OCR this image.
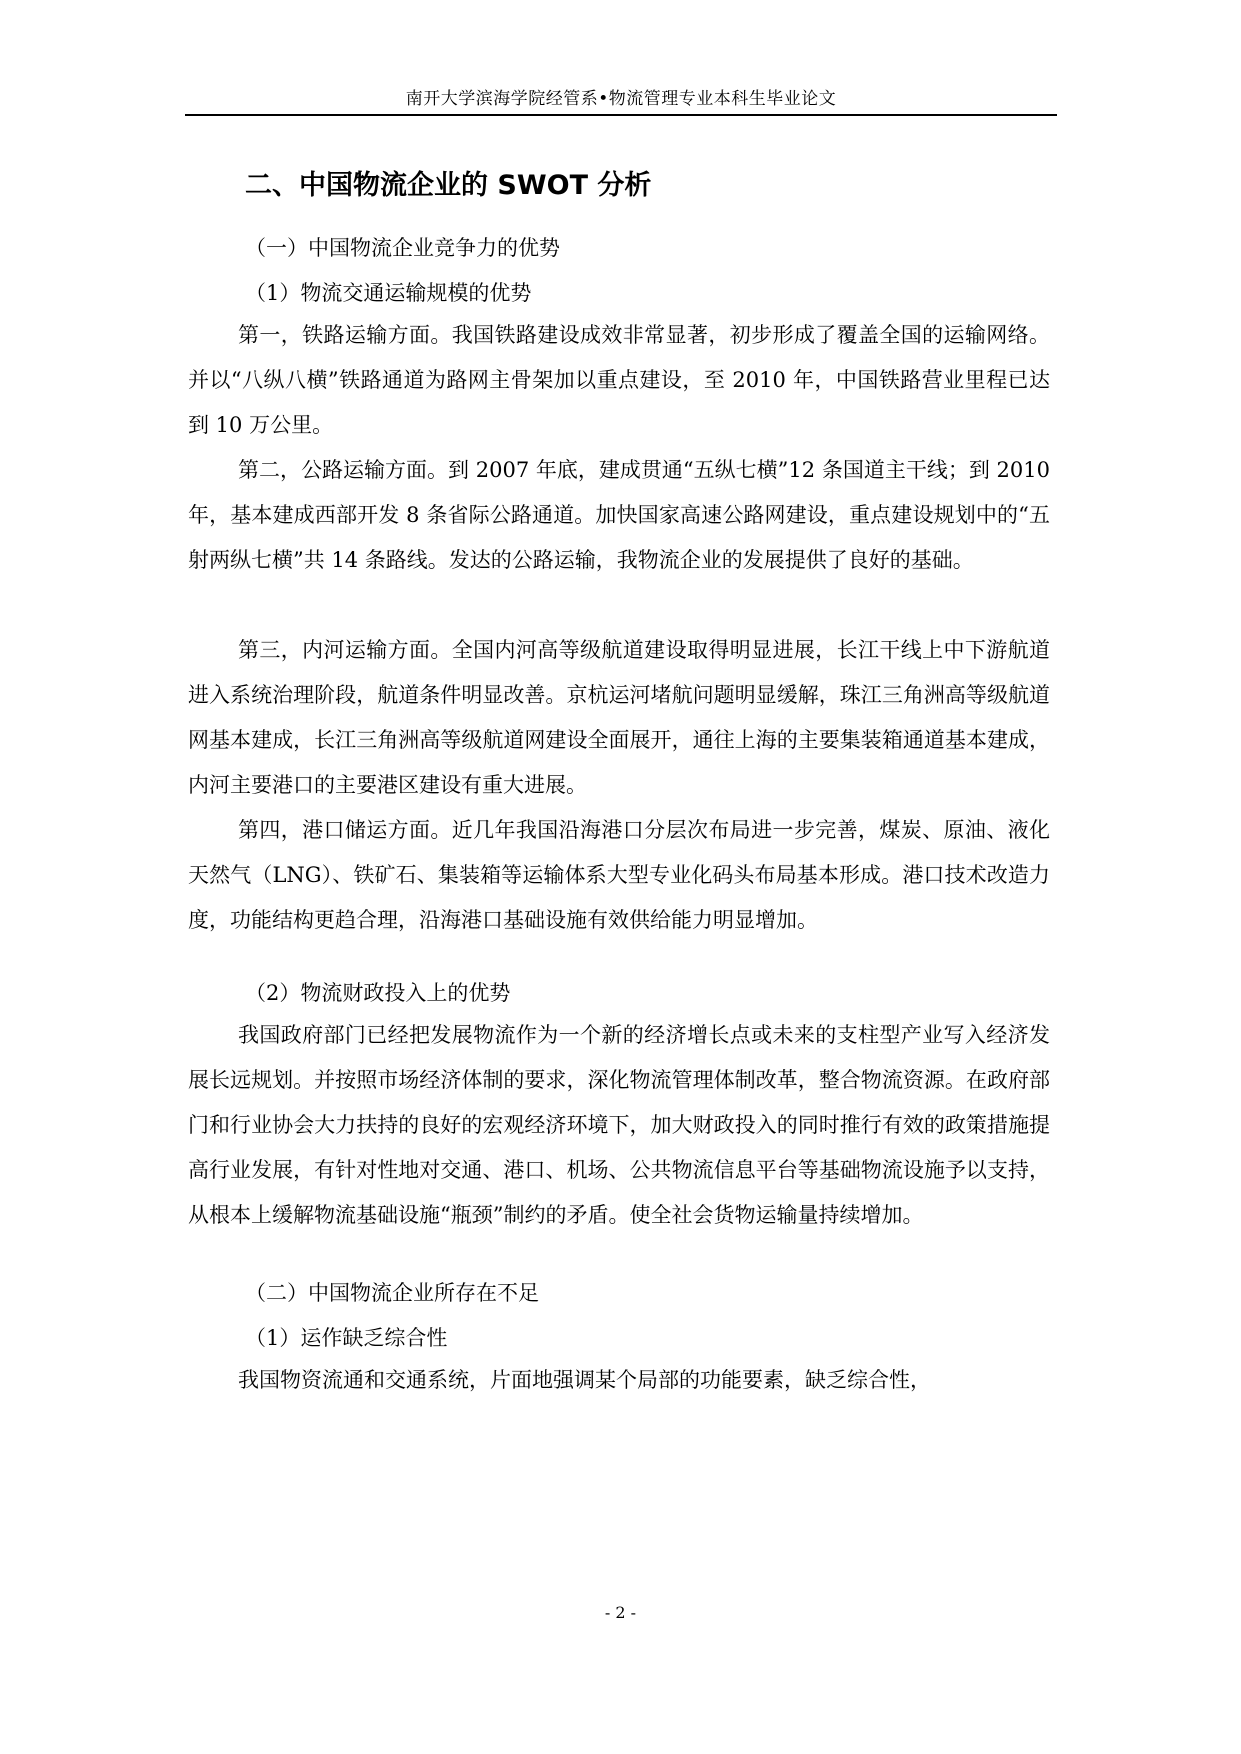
南开大学滨海学院经管系•物流管理专业本科生毕业论文
二、中国物流企业的 SWOT 分析
（一）中国物流企业竞争力的优势
（1）物流交通运输规模的优势

第一，铁路运输方面。我国铁路建设成效非常显著，初步形成了覆盖全国的运输网络。并以“八纵八横”铁路通道为路网主骨架加以重点建设，至 2010 年，中国铁路营业里程已达到 10 万公里。

第二，公路运输方面。到 2007 年底，建成贯通“五纵七横”12 条国道主干线；到 2010 年，基本建成西部开发 8 条省际公路通道。加快国家高速公路网建设，重点建设规划中的“五射两纵七横”共 14 条路线。发达的公路运输，我物流企业的发展提供了良好的基础。

第三，内河运输方面。全国内河高等级航道建设取得明显进展，长江干线上中下游航道进入系统治理阶段，航道条件明显改善。京杭运河堵航问题明显缓解，珠江三角洲高等级航道网基本建成，长江三角洲高等级航道网建设全面展开，通往上海的主要集装箱通道基本建成，内河主要港口的主要港区建设有重大进展。

第四，港口储运方面。近几年我国沿海港口分层次布局进一步完善，煤炭、原油、液化天然气（LNG）、铁矿石、集装箱等运输体系大型专业化码头布局基本形成。港口技术改造力度，功能结构更趋合理，沿海港口基础设施有效供给能力明显增加。

（2）物流财政投入上的优势

我国政府部门已经把发展物流作为一个新的经济增长点或未来的支柱型产业写入经济发展长远规划。并按照市场经济体制的要求，深化物流管理体制改革，整合物流资源。在政府部门和行业协会大力扶持的良好的宏观经济环境下，加大财政投入的同时推行有效的政策措施提高行业发展，有针对性地对交通、港口、机场、公共物流信息平台等基础物流设施予以支持，从根本上缓解物流基础设施“瓶颈”制约的矛盾。使全社会货物运输量持续增加。

（二）中国物流企业所存在不足
（1）运作缺乏综合性

我国物资流通和交通系统，片面地强调某个局部的功能要素，缺乏综合性，

- 2 -
